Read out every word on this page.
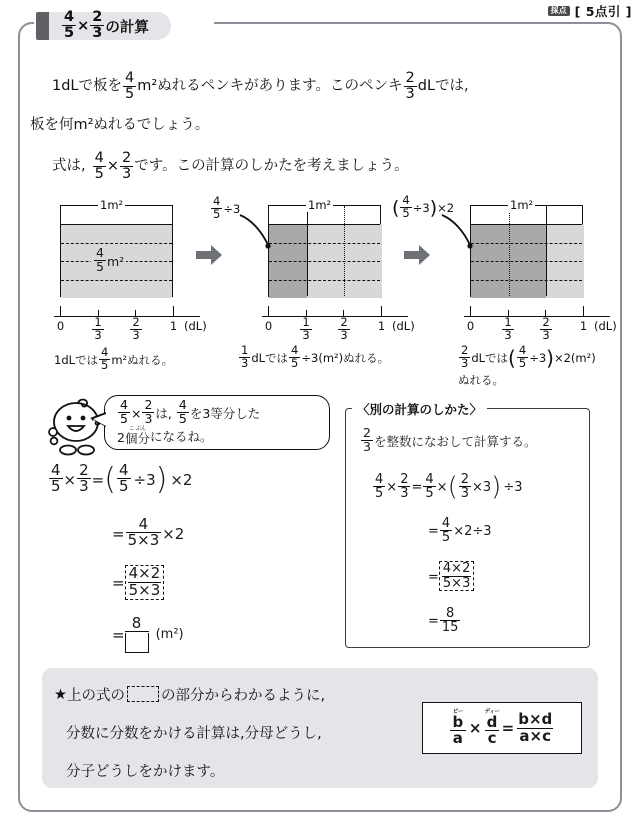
採点 [ 5点引 ]
$\frac{4}{5} \times \frac{2}{3}$ の計算
1dLで板を $\frac{4}{5} m^2$ぬれるペンキがあります。このペンキ $\frac{2}{3}$ dLでは,
板を何m²ぬれるでしょう。
式は, $\frac{4}{5} \times \frac{2}{3}$ です。この計算のしかたを考えましょう。
1m²
$\frac{4}{5} m^2$
$0 \frac{1}{3} \frac{2}{3} 1$ (dL)
1dLでは $\frac{4}{5} m^2$ぬれる。
1m²
$0 \frac{1}{3} \frac{2}{3} 1$ (dL)
$\frac{1}{3}$ dLでは $\frac{4}{5} \div 3(m^2)$ぬれる。
$\frac{4}{5} \div 3$	1m²
$0 \frac{1}{3} \frac{2}{3} 1$ (dL)
$\frac{2}{3}$ dLでは ( $\frac{4}{5} \div 3$ ) ×2(m²)
ぬれる。
( $\frac{4}{5} \div 3$ ) ×2
$\frac{4}{5} \times \frac{2}{3}$ は, $\frac{4}{5}$ を3等分した
2
こ ぶん
個分 になるね。
$\frac{4}{5} \times \frac{2}{3}$ = ( $\frac{4}{5} \div 3$ ) ×2
= $\frac{4}{5\times 3} \times 2$
= $\frac{4\times 2}{5\times 3}$
=
8
(m²)
〈別の計算のしかた〉
$\frac{2}{3}$ を整数になおして計算する。
$\frac{4}{5} \times \frac{2}{3} = \frac{4}{5}$ × ( $\frac{2}{3} \times 3$ ) ÷3
= $\frac{4}{5} \times 2\div 3$
= $\frac{4\times 2}{5\times 3}$
= $\frac{8}{15}$
★ 上の式の の部分からわかるように,
分数に分数をかける計算は,分母どうし,
分子どうしをかけます。
ビー
b
a
×
ディー
d
c
= $\frac{b\times d}{a\times c}$
